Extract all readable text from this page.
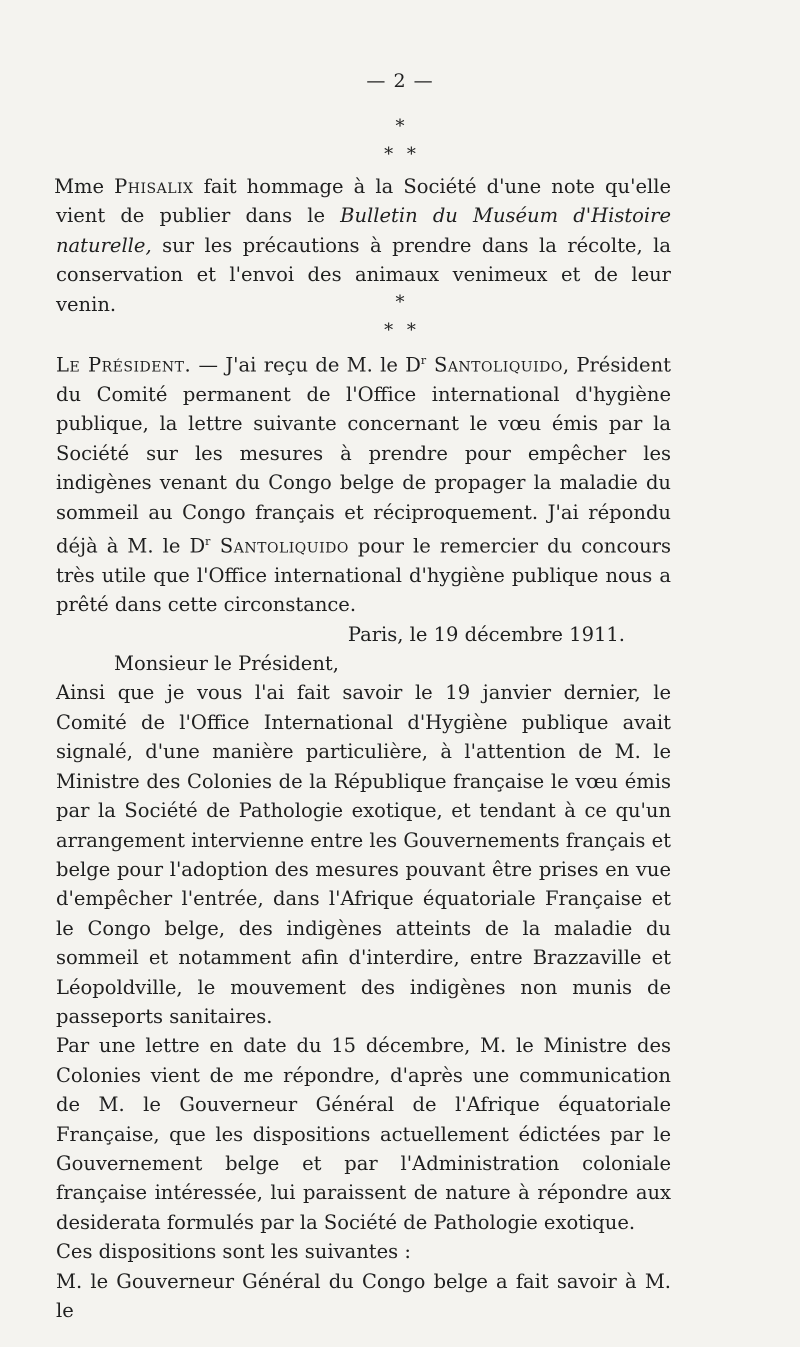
— 2 —
*
* *

Mme Phisalix fait hommage à la Société d'une note qu'elle vient de publier dans le Bulletin du Muséum d'Histoire naturelle, sur les précautions à prendre dans la récolte, la conservation et l'envoi des animaux venimeux et de leur venin.	*
* *

Le Président. — J'ai reçu de M. le $D^r$ Santoliquido, Président du Comité permanent de l'Office international d'hygiène publique, la lettre suivante concernant le vœu émis par la Société sur les mesures à prendre pour empêcher les indigènes venant du Congo belge de propager la maladie du sommeil au Congo français et réciproquement. J'ai répondu déjà à M. le $D^r$ Santoliquido pour le remercier du concours très utile que l'Office international d'hygiène publique nous a prêté dans cette circonstance.

Paris, le 19 décembre 1911.

Monsieur le Président,

Ainsi que je vous l'ai fait savoir le 19 janvier dernier, le Comité de l'Office International d'Hygiène publique avait signalé, d'une manière particulière, à l'attention de M. le Ministre des Colonies de la République française le vœu émis par la Société de Pathologie exotique, et tendant à ce qu'un arrangement intervienne entre les Gouvernements français et belge pour l'adoption des mesures pouvant être prises en vue d'empêcher l'entrée, dans l'Afrique équatoriale Française et le Congo belge, des indigènes atteints de la maladie du sommeil et notamment afin d'interdire, entre Brazzaville et Léopoldville, le mouvement des indigènes non munis de passeports sanitaires.

Par une lettre en date du 15 décembre, M. le Ministre des Colonies vient de me répondre, d'après une communication de M. le Gouverneur Général de l'Afrique équatoriale Française, que les dispositions actuellement édictées par le Gouvernement belge et par l'Administration coloniale française intéressée, lui paraissent de nature à répondre aux desiderata formulés par la Société de Pathologie exotique.

Ces dispositions sont les suivantes :

M. le Gouverneur Général du Congo belge a fait savoir à M. le
